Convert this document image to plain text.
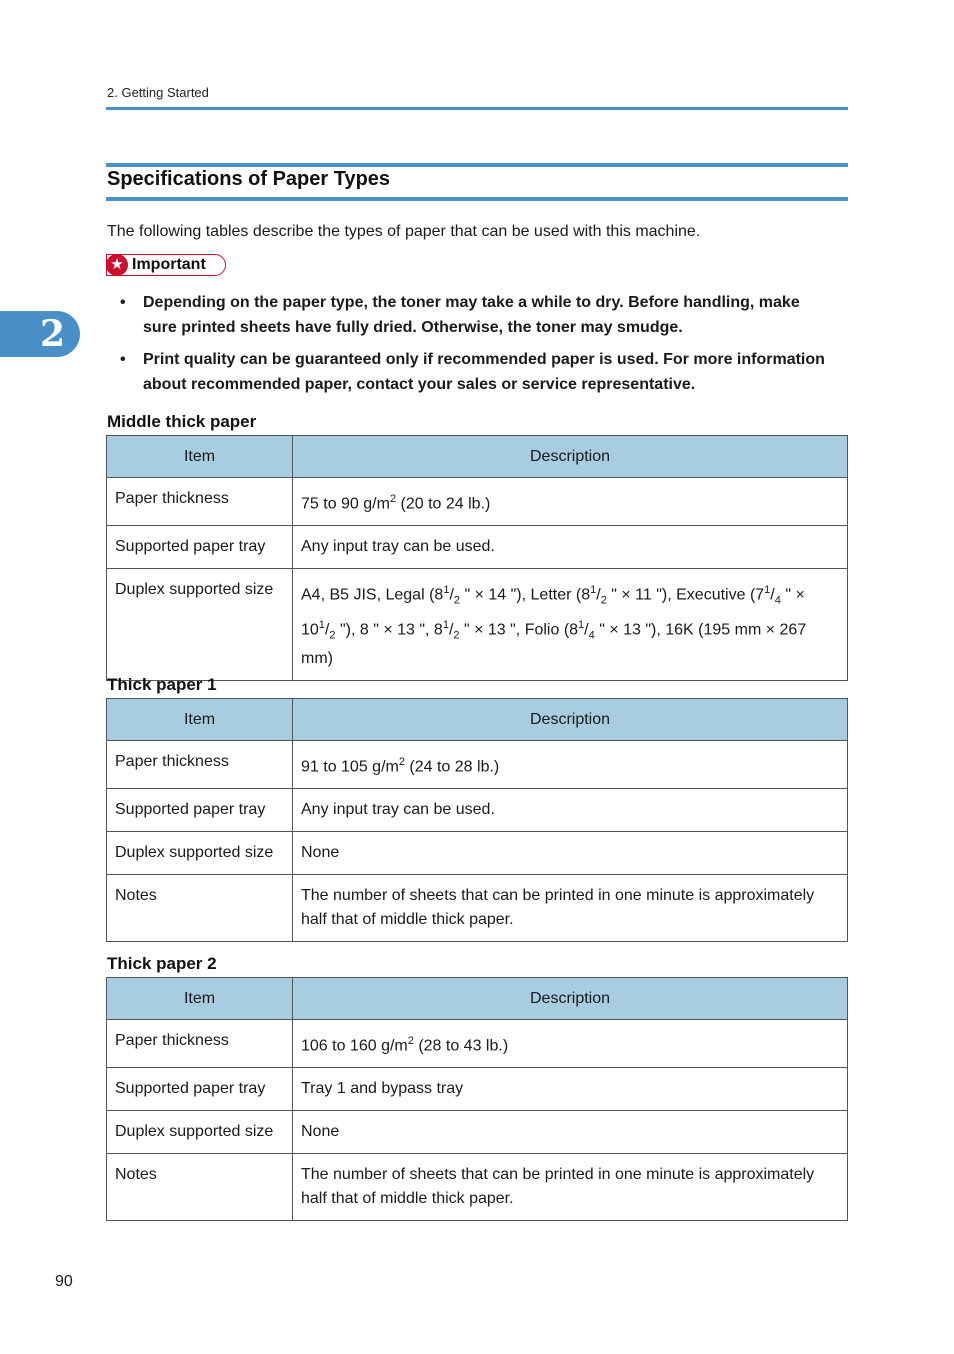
2. Getting Started
2
Specifications of Paper Types
The following tables describe the types of paper that can be used with this machine.
★ Important
• Depending on the paper type, the toner may take a while to dry. Before handling, make sure printed sheets have fully dried. Otherwise, the toner may smudge.
• Print quality can be guaranteed only if recommended paper is used. For more information about recommended paper, contact your sales or service representative.
Middle thick paper
Item	Description
Paper thickness	75 to 90 $g/m^2$ (20 to 24 lb.)
Supported paper tray	Any input tray can be used.
Duplex supported size	A4, B5 JIS, Legal ($8^1/_2$ " × 14 "), Letter ($8^1/_2$ " × 11 "), Executive ($7^1/_4$ " × $10^1/_2$ "), 8 " × 13 ", $8^1/_2$ " × 13 ", Folio ($8^1/_4$ " × 13 "), 16K (195 mm × 267 mm)
Thick paper 1
Item	Description
Paper thickness	91 to 105 $g/m^2$ (24 to 28 lb.)
Supported paper tray	Any input tray can be used.
Duplex supported size	None
Notes	The number of sheets that can be printed in one minute is approximately half that of middle thick paper.
Thick paper 2
Item	Description
Paper thickness	106 to 160 $g/m^2$ (28 to 43 lb.)
Supported paper tray	Tray 1 and bypass tray
Duplex supported size	None
Notes	The number of sheets that can be printed in one minute is approximately half that of middle thick paper.
90
